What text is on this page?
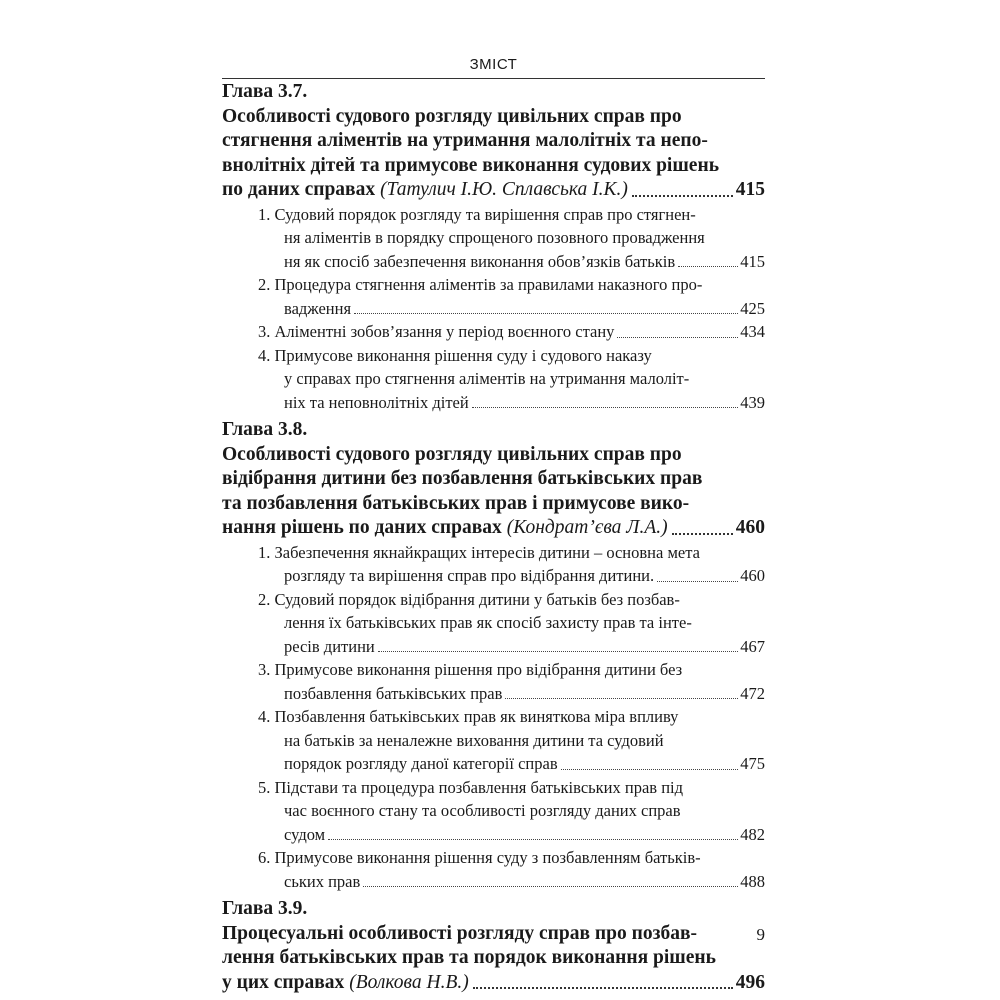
ЗМІСТ
Глава 3.7.
Особливості судового розгляду цивільних справ про
стягнення аліментів на утримання малолітніх та непо-
внолітніх дітей та примусове виконання судових рішень
по даних справах (Татулич І.Ю. Сплавська І.К.)	415
1. Судовий порядок розгляду та вирішення справ про стягнен-
ня аліментів в порядку спрощеного позовного провадження
ня як спосіб забезпечення виконання обов’язків батьків	415
2. Процедура стягнення аліментів за правилами наказного про-
вадження	425
3. Аліментні зобов’язання у період воєнного стану	434
4. Примусове виконання рішення суду і судового наказу
у справах про стягнення аліментів на утримання малоліт-
ніх та неповнолітніх дітей	439
Глава 3.8.
Особливості судового розгляду цивільних справ про
відібрання дитини без позбавлення батьківських прав
та позбавлення батьківських прав і примусове вико-
нання рішень по даних справах (Кондрат’єва Л.А.)	460
1. Забезпечення якнайкращих інтересів дитини – основна мета
розгляду та вирішення справ про відібрання дитини.	460
2. Судовий порядок відібрання дитини у батьків без позбав-
лення їх батьківських прав як спосіб захисту прав та інте-
ресів дитини	467
3. Примусове виконання рішення про відібрання дитини без
позбавлення батьківських прав	472
4. Позбавлення батьківських прав як виняткова міра впливу
на батьків за неналежне виховання дитини та судовий
порядок розгляду даної категорії справ	475
5. Підстави та процедура позбавлення батьківських прав під
час воєнного стану та особливості розгляду даних справ
судом	482
6. Примусове виконання рішення суду з позбавленням батьків-
ських прав	488
Глава 3.9.
Процесуальні особливості розгляду справ про позбав-
лення батьківських прав та порядок виконання рішень
у цих справах (Волкова Н.В.)	496
9
